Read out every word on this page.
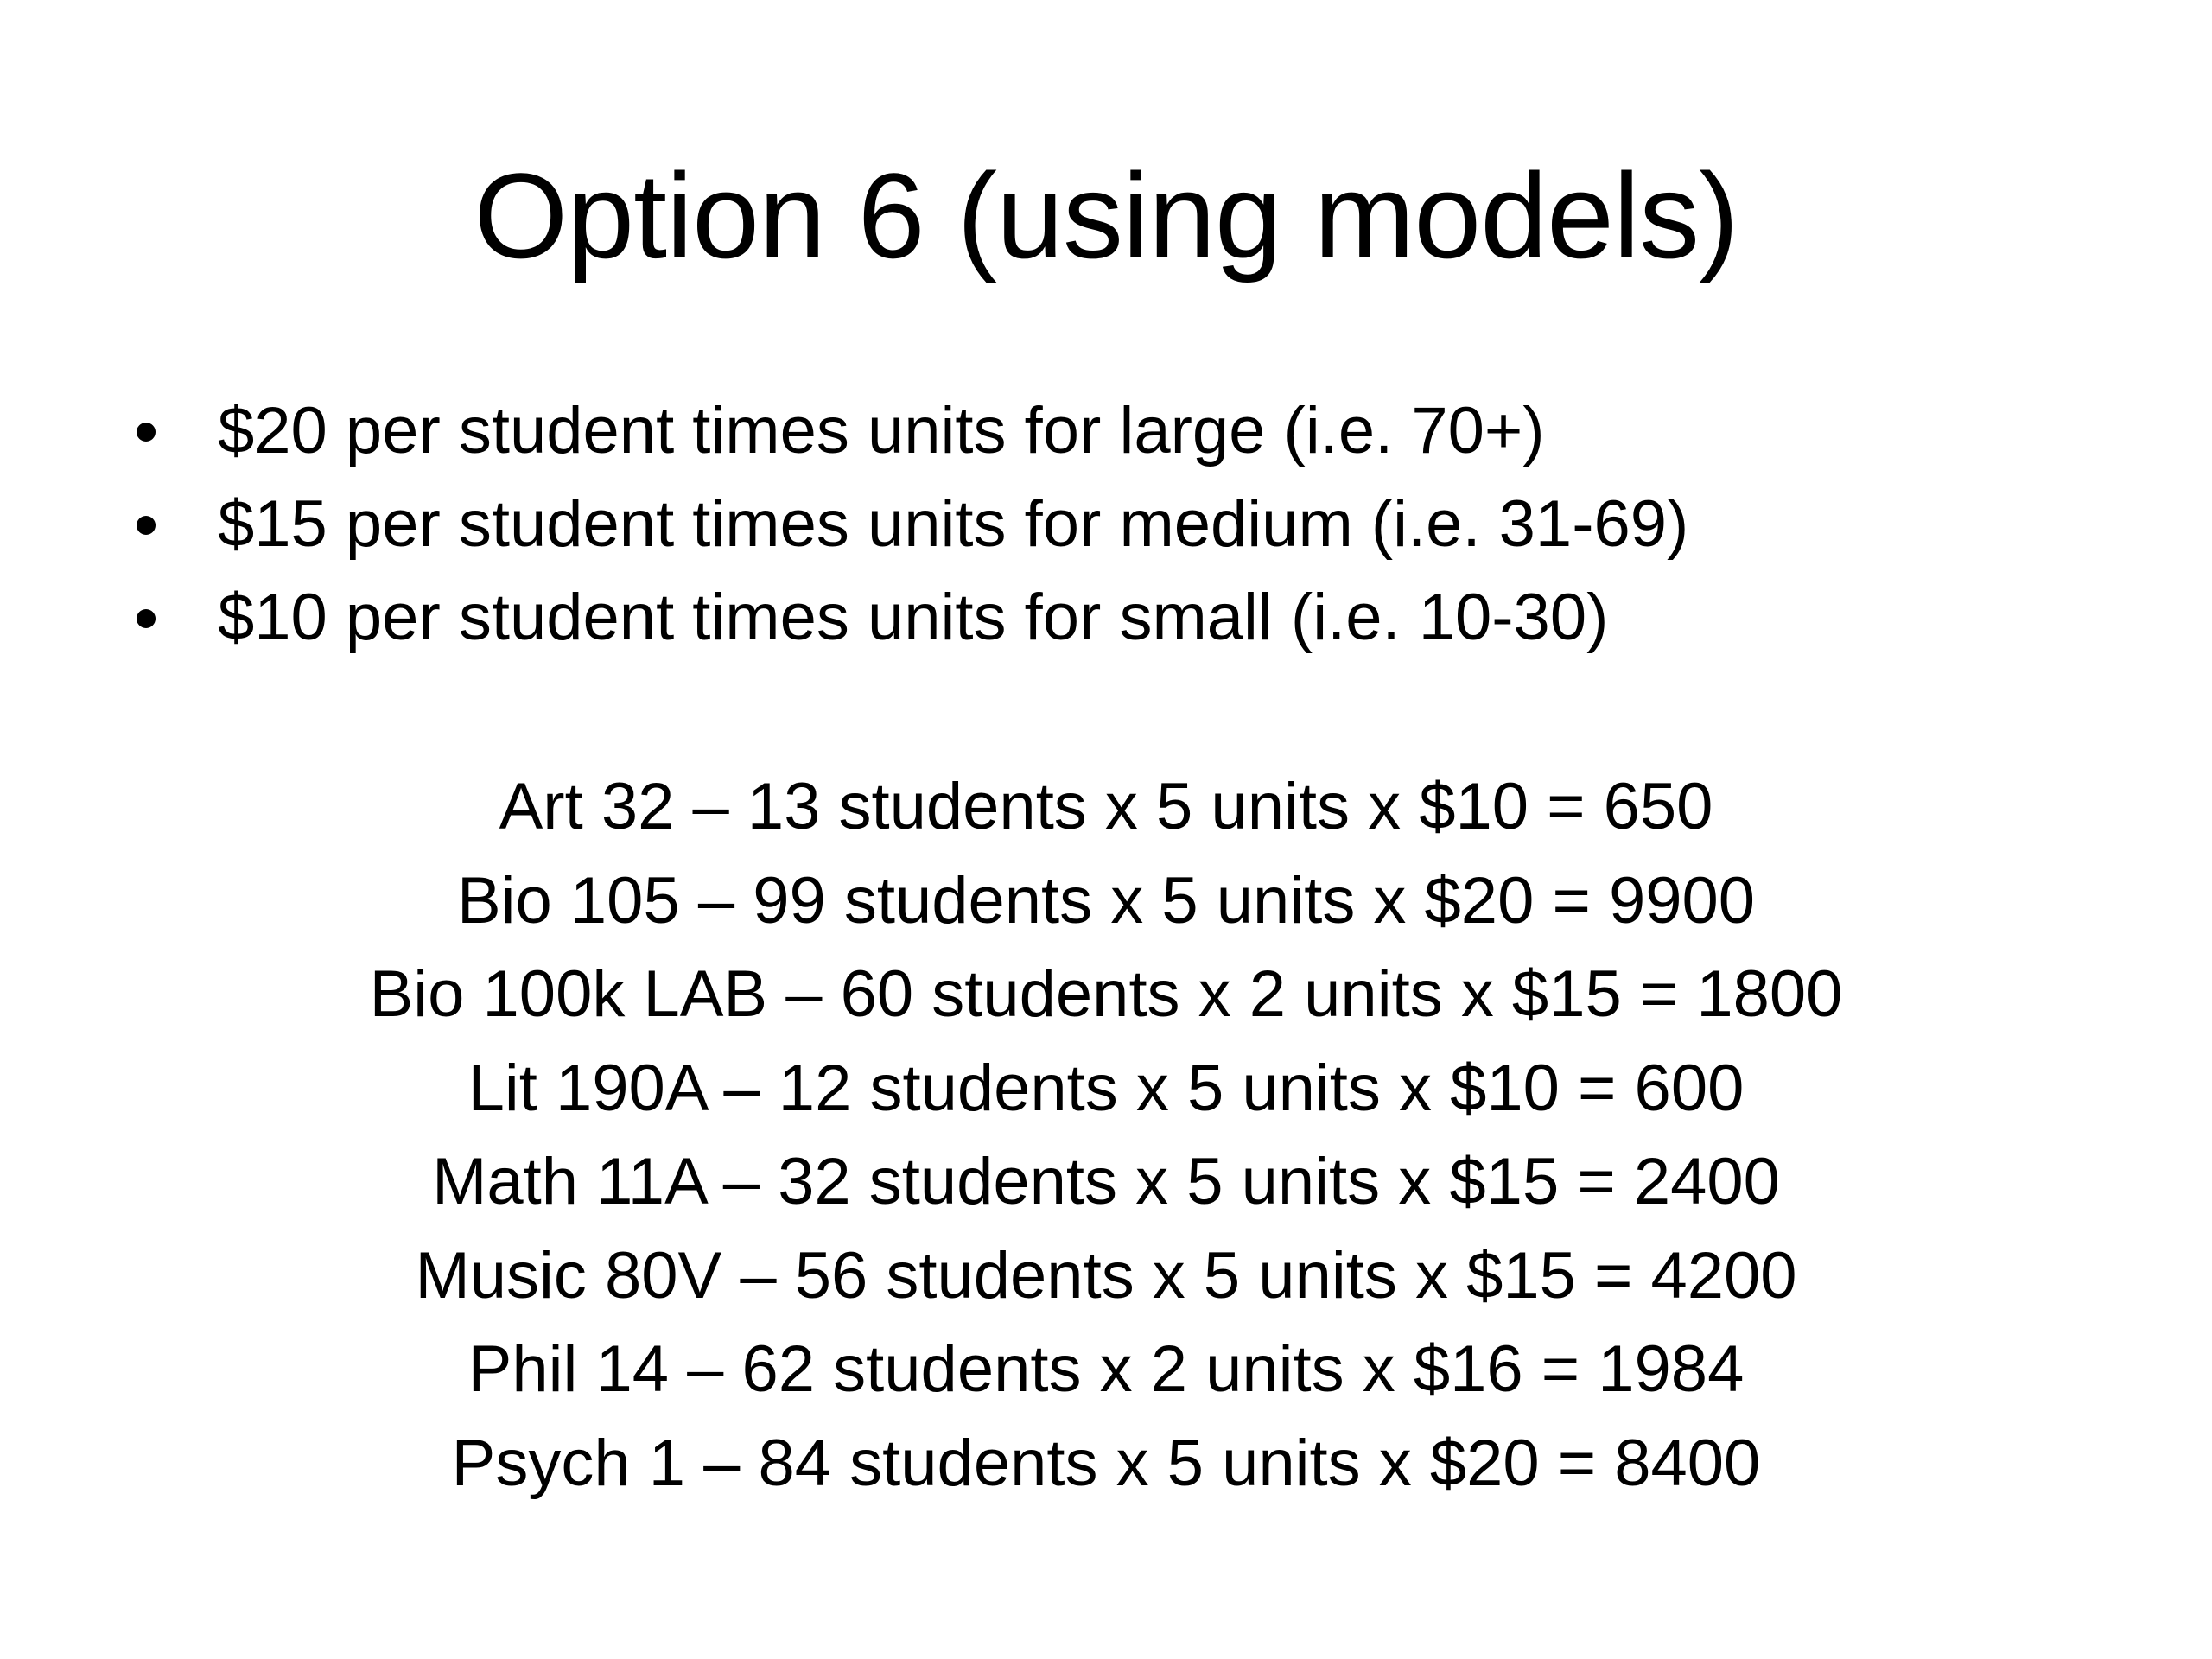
Option 6 (using models)
$20 per student times units for large (i.e. 70+)
$15 per student times units for medium (i.e. 31-69)
$10 per student times units for small (i.e. 10-30)
Art 32 – 13 students x 5 units x $10 = 650
Bio 105 – 99 students x 5 units x $20 = 9900
Bio 100k LAB – 60 students x 2 units x $15 = 1800
Lit 190A – 12 students x 5 units x $10 = 600
Math 11A – 32 students x 5 units x $15 = 2400
Music 80V – 56 students x 5 units x $15 = 4200
Phil 14 – 62 students x 2 units x $16 = 1984
Psych 1 – 84 students x 5 units x $20 = 8400
